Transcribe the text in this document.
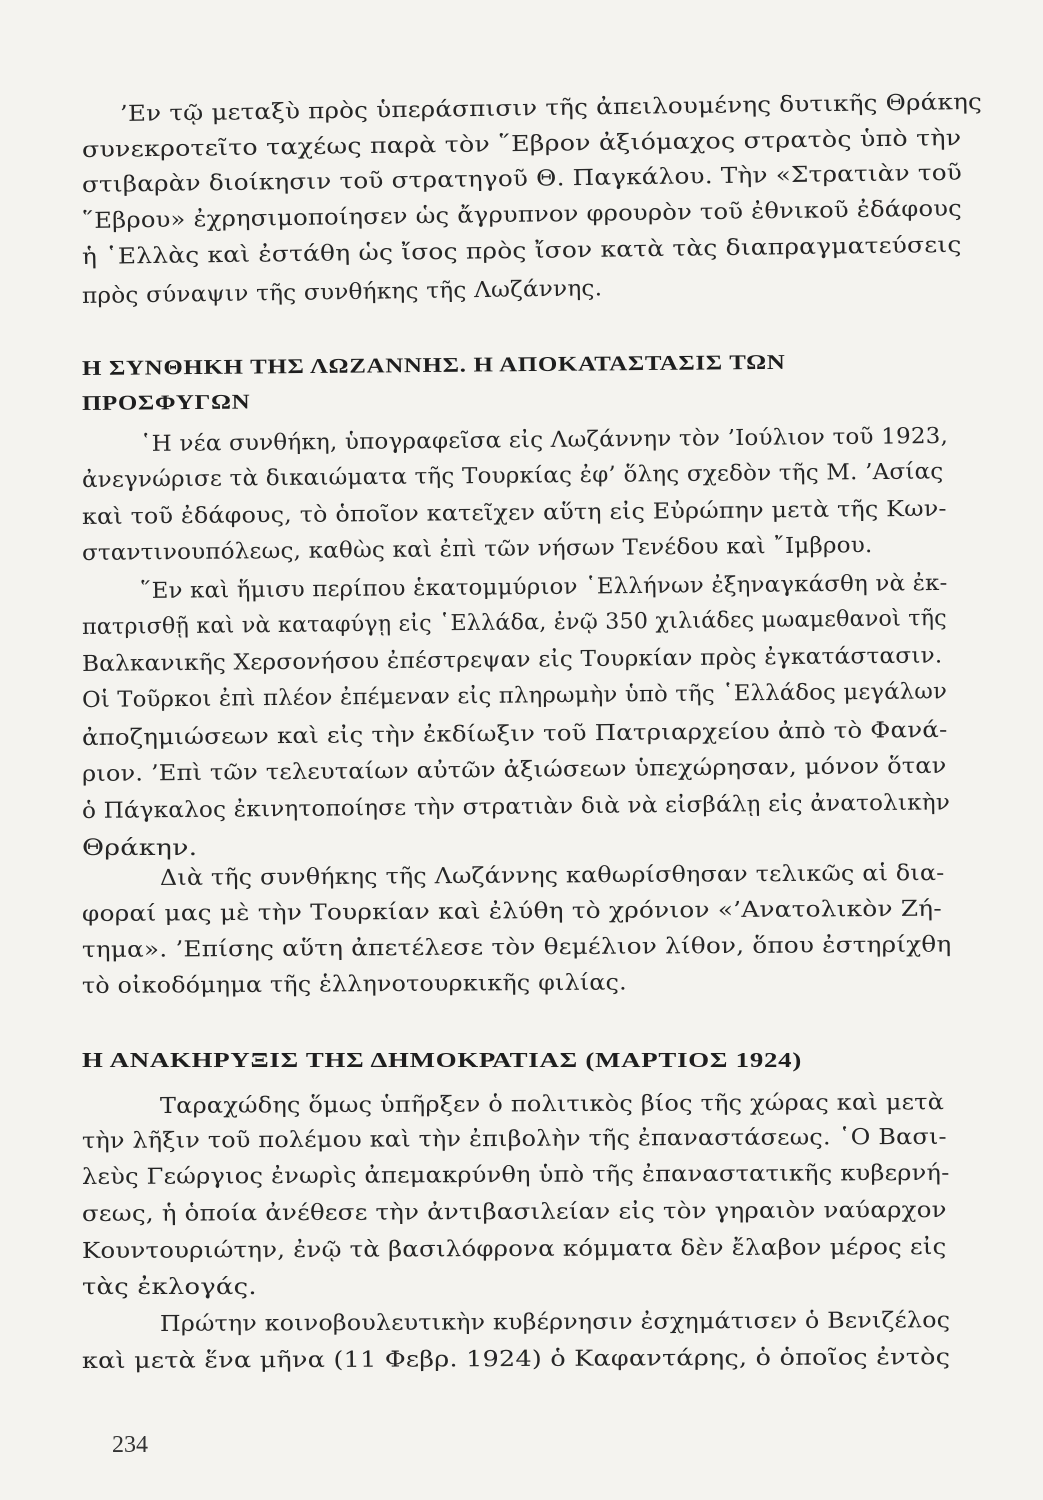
’Εν τῷ μεταξὺ πρὸς ὑπεράσπισιν τῆς ἀπειλουμένης δυτικῆς Θράκης
συνεκροτεῖτο ταχέως παρὰ τὸν ῞Εβρον ἀξιόμαχος στρατὸς ὑπὸ τὴν
στιβαρὰν διοίκησιν τοῦ στρατηγοῦ Θ. Παγκάλου. Τὴν «Στρατιὰν τοῦ
῞Εβρου» ἐχρησιμοποίησεν ὡς ἄγρυπνον φρουρὸν τοῦ ἐθνικοῦ ἐδάφους
ἡ ῾Ελλὰς καὶ ἐστάθη ὡς ἴσος πρὸς ἴσον κατὰ τὰς διαπραγματεύσεις
πρὸς σύναψιν τῆς συνθήκης τῆς Λωζάννης.
Η ΣΥΝΘΗΚΗ ΤΗΣ ΛΩΖΑΝΝΗΣ. Η ΑΠΟΚΑΤΑΣΤΑΣΙΣ ΤΩΝ
ΠΡΟΣΦΥΓΩΝ
῾Η νέα συνθήκη, ὑπογραφεῖσα εἰς Λωζάννην τὸν ’Ιούλιον τοῦ 1923,
ἀνεγνώρισε τὰ δικαιώματα τῆς Τουρκίας ἐφ’ ὅλης σχεδὸν τῆς Μ. ’Ασίας
καὶ τοῦ ἐδάφους, τὸ ὁποῖον κατεῖχεν αὕτη εἰς Εὐρώπην μετὰ τῆς Κων-
σταντινουπόλεως, καθὼς καὶ ἐπὶ τῶν νήσων Τενέδου καὶ ῎Ιμβρου.
῞Εν καὶ ἥμισυ περίπου ἑκατομμύριον ῾Ελλήνων ἐξηναγκάσθη νὰ ἐκ-
πατρισθῇ καὶ νὰ καταφύγῃ εἰς ῾Ελλάδα, ἐνῷ 350 χιλιάδες μωαμεθανοὶ τῆς
Βαλκανικῆς Χερσονήσου ἐπέστρεψαν εἰς Τουρκίαν πρὸς ἐγκατάστασιν.
Οἱ Τοῦρκοι ἐπὶ πλέον ἐπέμεναν εἰς πληρωμὴν ὑπὸ τῆς ῾Ελλάδος μεγάλων
ἀποζημιώσεων καὶ εἰς τὴν ἐκδίωξιν τοῦ Πατριαρχείου ἀπὸ τὸ Φανά-
ριον. ’Επὶ τῶν τελευταίων αὐτῶν ἀξιώσεων ὑπεχώρησαν, μόνον ὅταν
ὁ Πάγκαλος ἐκινητοποίησε τὴν στρατιὰν διὰ νὰ εἰσβάλῃ εἰς ἀνατολικὴν
Θράκην.
Διὰ τῆς συνθήκης τῆς Λωζάννης καθωρίσθησαν τελικῶς αἱ δια-
φοραί μας μὲ τὴν Τουρκίαν καὶ ἐλύθη τὸ χρόνιον «’Ανατολικὸν Ζή-
τημα». ’Επίσης αὕτη ἀπετέλεσε τὸν θεμέλιον λίθον, ὅπου ἐστηρίχθη
τὸ οἰκοδόμημα τῆς ἑλληνοτουρκικῆς φιλίας.
Η ΑΝΑΚΗΡΥΞΙΣ ΤΗΣ ΔΗΜΟΚΡΑΤΙΑΣ (ΜΑΡΤΙΟΣ 1924)
Ταραχώδης ὅμως ὑπῆρξεν ὁ πολιτικὸς βίος τῆς χώρας καὶ μετὰ
τὴν λῆξιν τοῦ πολέμου καὶ τὴν ἐπιβολὴν τῆς ἐπαναστάσεως. ῾Ο Βασι-
λεὺς Γεώργιος ἐνωρὶς ἀπεμακρύνθη ὑπὸ τῆς ἐπαναστατικῆς κυβερνή-
σεως, ἡ ὁποία ἀνέθεσε τὴν ἀντιβασιλείαν εἰς τὸν γηραιὸν ναύαρχον
Κουντουριώτην, ἐνῷ τὰ βασιλόφρονα κόμματα δὲν ἔλαβον μέρος εἰς
τὰς ἐκλογάς.
Πρώτην κοινοβουλευτικὴν κυβέρνησιν ἐσχημάτισεν ὁ Βενιζέλος
καὶ μετὰ ἕνα μῆνα (11 Φεβρ. 1924) ὁ Καφαντάρης, ὁ ὁποῖος ἐντὸς
234
